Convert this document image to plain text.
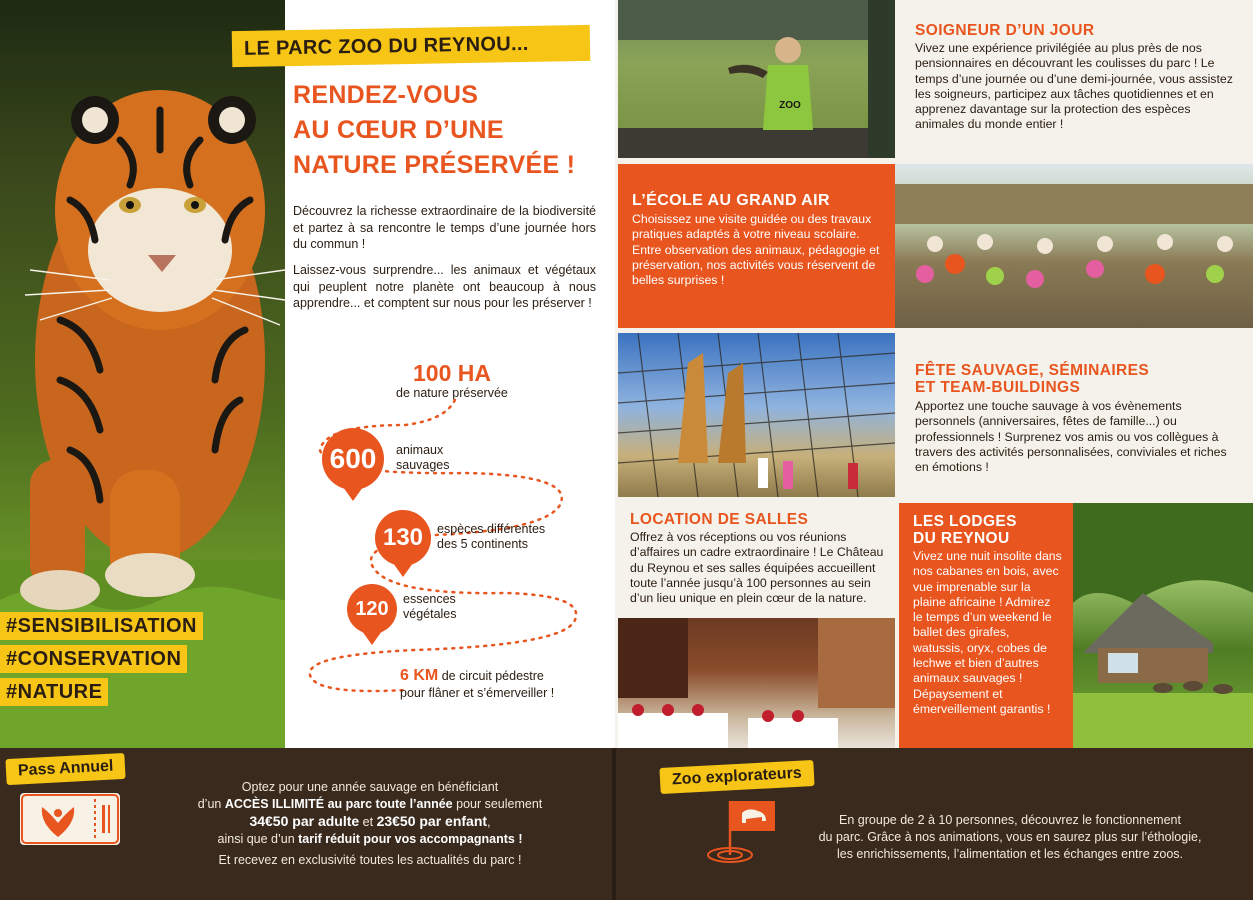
#SENSIBILISATION
#CONSERVATION
#NATURE
LE PARC ZOO DU REYNOU...
RENDEZ-VOUS
AU CŒUR D’UNE
NATURE PRÉSERVÉE !

Découvrez la richesse extraordinaire de la biodiversité et partez à sa rencontre le temps d’une journée hors du commun !

Laissez-vous surprendre... les animaux et végétaux qui peuplent notre planète ont beaucoup à nous apprendre... et comptent sur nous pour les préserver !

100 HA
de nature préservée
600	animaux
sauvages
130	espèces différentes
des 5 continents
120	essences
végétales
6 KM de circuit pédestre
pour flâner et s’émerveiller !
ZOO
SOIGNEUR D’UN JOUR

Vivez une expérience privilégiée au plus près de nos pensionnaires en découvrant les coulisses du parc ! Le temps d’une journée ou d’une demi-journée, vous assistez les soigneurs, participez aux tâches quotidiennes et en apprenez davantage sur la protection des espèces animales du monde entier !

L’ÉCOLE AU GRAND AIR

Choisissez une visite guidée ou des travaux pratiques adaptés à votre niveau scolaire. Entre observation des animaux, pédagogie et préservation, nos activités vous réservent de belles surprises !

FÊTE SAUVAGE, SÉMINAIRES
ET TEAM-BUILDINGS

Apportez une touche sauvage à vos évènements personnels (anniversaires, fêtes de famille...) ou professionnels ! Surprenez vos amis ou vos collègues à travers des activités personnalisées, conviviales et riches en émotions !

LOCATION DE SALLES

Offrez à vos réceptions ou vos réunions d’affaires un cadre extraordinaire ! Le Château du Reynou et ses salles équipées accueillent toute l’année jusqu’à 100 personnes au sein d’un lieu unique en plein cœur de la nature.

LES LODGES
DU REYNOU

Vivez une nuit insolite dans nos cabanes en bois, avec vue imprenable sur la plaine africaine ! Admirez le temps d’un weekend le ballet des girafes, watussis, oryx, cobes de lechwe et bien d’autres animaux sauvages ! Dépaysement et émerveillement garantis !

Pass Annuel
Optez pour une année sauvage en bénéficiant
d’un ACCÈS ILLIMITÉ au parc toute l’année pour seulement
34€50 par adulte et 23€50 par enfant,
ainsi que d’un tarif réduit pour vos accompagnants !
Et recevez en exclusivité toutes les actualités du parc !
Zoo explorateurs
En groupe de 2 à 10 personnes, découvrez le fonctionnement
du parc. Grâce à nos animations, vous en saurez plus sur l’éthologie,
les enrichissements, l’alimentation et les échanges entre zoos.
